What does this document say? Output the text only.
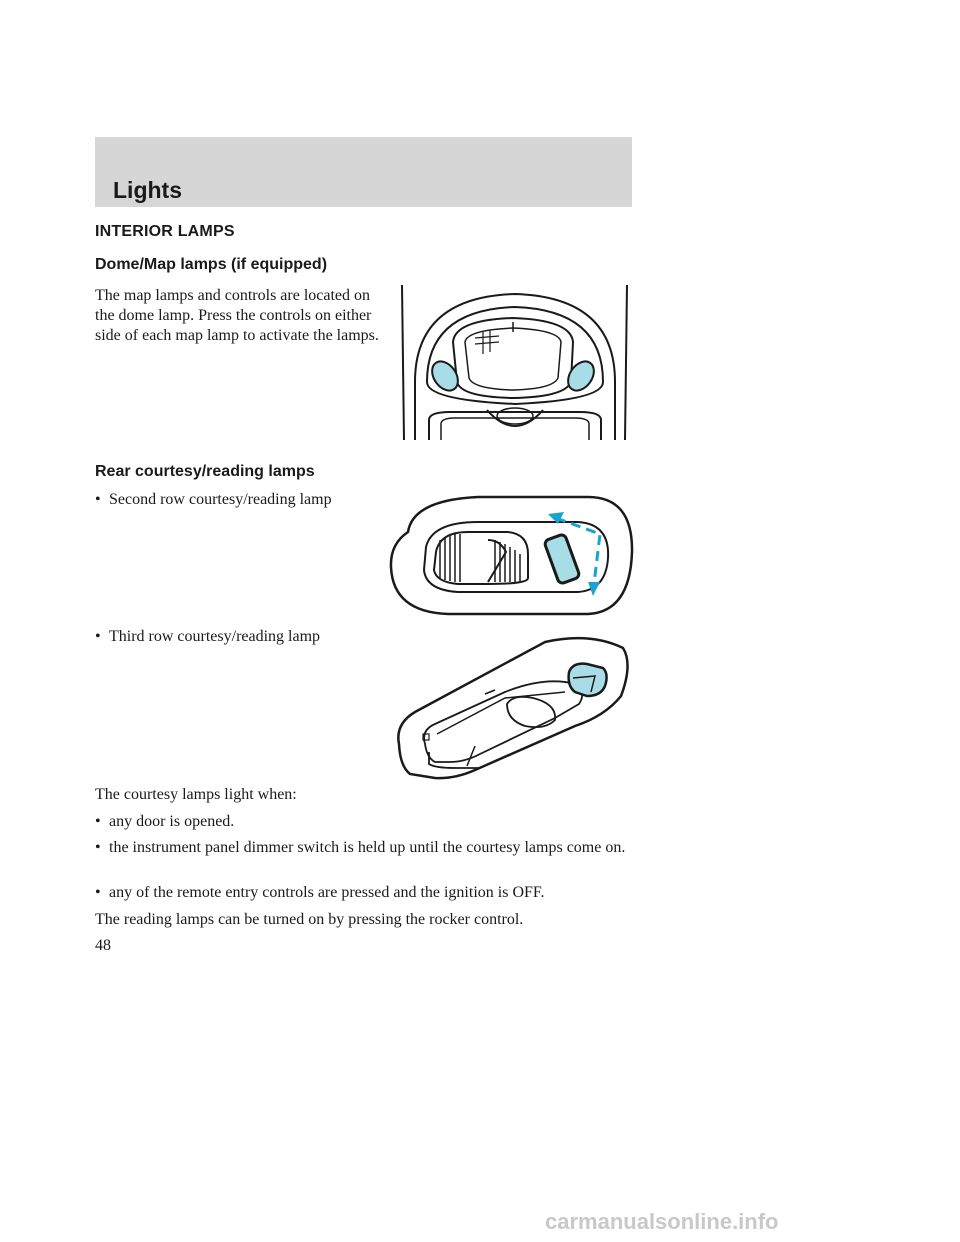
Lights
INTERIOR LAMPS
Dome/Map lamps (if equipped)
The map lamps and controls are located on the dome lamp. Press the controls on either side of each map lamp to activate the lamps.
Rear courtesy/reading lamps
• Second row courtesy/reading lamp
• Third row courtesy/reading lamp
The courtesy lamps light when:
• any door is opened.
• the instrument panel dimmer switch is held up until the courtesy lamps come on.
• any of the remote entry controls are pressed and the ignition is OFF.
The reading lamps can be turned on by pressing the rocker control.
48
carmanualsonline.info
